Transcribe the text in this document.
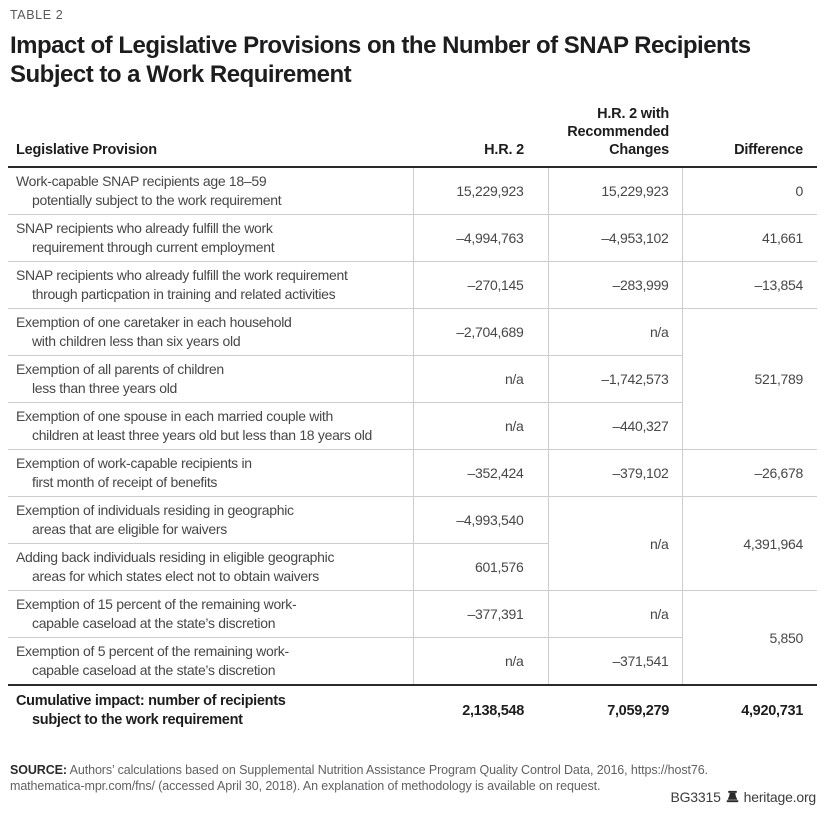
TABLE 2
Impact of Legislative Provisions on the Number of SNAP Recipients
Subject to a Work Requirement
Legislative Provision	H.R. 2	H.R. 2 with
Recommended
Changes	Difference

Work-capable SNAP recipients age 18–59
potentially subject to the work requirement	15,229,923	15,229,923	0

SNAP recipients who already fulfill the work
requirement through current employment	–4,994,763	–4,953,102	41,661

SNAP recipients who already fulfill the work requirement
through particpation in training and related activities	–270,145	–283,999	–13,854

Exemption of one caretaker in each household
with children less than six years old	–2,704,689	n/a	521,789

Exemption of all parents of children
less than three years old	n/a	–1,742,573	

Exemption of one spouse in each married couple with
children at least three years old but less than 18 years old	n/a	–440,327	

Exemption of work-capable recipients in
first month of receipt of benefits	–352,424	–379,102	–26,678

Exemption of individuals residing in geographic
areas that are eligible for waivers	–4,993,540	n/a	4,391,964

Adding back individuals residing in eligible geographic
areas for which states elect not to obtain waivers	601,576		

Exemption of 15 percent of the remaining work-
capable caseload at the state’s discretion	–377,391	n/a	5,850

Exemption of 5 percent of the remaining work-
capable caseload at the state’s discretion	n/a	–371,541	

Cumulative impact: number of recipients
subject to the work requirement	2,138,548	7,059,279	4,920,731

SOURCE: Authors’ calculations based on Supplemental Nutrition Assistance Program Quality Control Data, 2016, https://host76.
mathematica-mpr.com/fns/ (accessed April 30, 2018). An explanation of methodology is available on request.

BG3315 heritage.org
